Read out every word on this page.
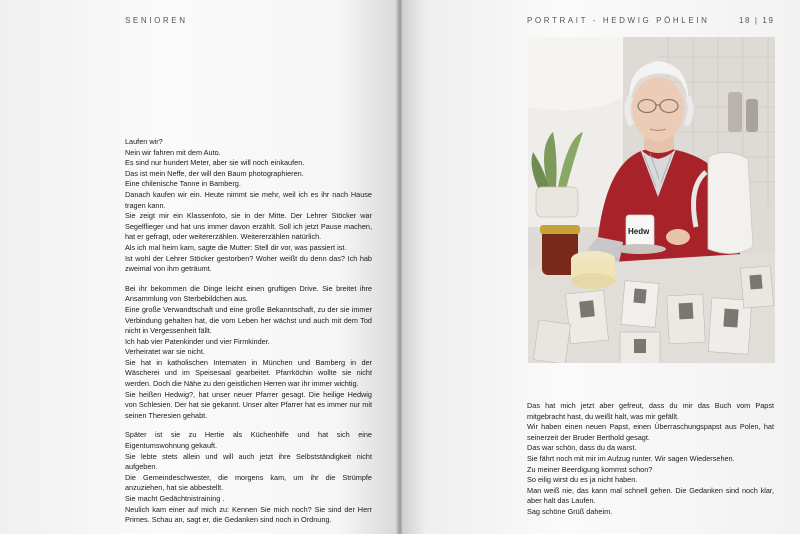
SENIOREN
Laufen wir?
Nein wir fahren mit dem Auto.
Es sind nur hundert Meter, aber sie will noch einkaufen.
Das ist mein Neffe, der will den Baum photographieren.
Eine chilenische Tanne in Bamberg.
Danach kaufen wir ein. Heute nimmt sie mehr, weil ich es ihr nach Hause tragen kann.
Sie zeigt mir ein Klassenfoto, sie in der Mitte. Der Lehrer Stöcker war Segelflieger und hat uns immer davon erzählt. Soll ich jetzt Pause machen, hat er gefragt, oder weitererzählen. Weitererzählen natürlich.
Als ich mal heim kam, sagte die Mutter: Stell dir vor, was passiert ist.
Ist wohl der Lehrer Stöcker gestorben? Woher weißt du denn das? Ich hab zweimal von ihm geträumt.
Bei ihr bekommen die Dinge leicht einen gruftigen Drive. Sie breitet ihre Ansammlung von Sterbebildchen aus.
Eine große Verwandtschaft und eine große Bekanntschaft, zu der sie immer Verbindung gehalten hat, die vom Leben her wächst und auch mit dem Tod nicht in Vergessenheit fällt.
Ich hab vier Patenkinder und vier Firmkinder.
Verheiratet war sie nicht.
Sie hat in katholischen Internaten in München und Bamberg in der Wäscherei und im Speisesaal gearbeitet. Pfarrköchin wollte sie nicht werden. Doch die Nähe zu den geistlichen Herren war ihr immer wichtig.
Sie heißen Hedwig?, hat unser neuer Pfarrer gesagt. Die heilige Hedwig von Schlesien. Der hat sie gekannt. Unser alter Pfarrer hat es immer nur mit seinen Theresien gehabt.
Später ist sie zu Hertie als Küchenhilfe und hat sich eine Eigentumswohnung gekauft.
Sie lebte stets allein und will auch jetzt ihre Selbstständigkeit nicht aufgeben.
Die Gemeindeschwester, die morgens kam, um ihr die Strümpfe anzuziehen, hat sie abbestellt.
Sie macht Gedächtnistraining .
Neulich kam einer auf mich zu: Kennen Sie mich noch? Sie sind der Herr Primes. Schau an, sagt er, die Gedanken sind noch in Ordnung.
PORTRAIT - HEDWIG PÖHLEIN	18 | 19
Hedw
Das hat mich jetzt aber gefreut, dass du mir das Buch vom Papst mitgebracht hast, du weißt halt, was mir gefällt.
Wir haben einen neuen Papst, einen Überraschungspapst aus Polen, hat seinerzeit der Bruder Berthold gesagt.
Das war schön, dass du da warst.
Sie fährt noch mit mir im Aufzug runter. Wir sagen Wiedersehen.
Zu meiner Beerdigung kommst schon?
So eilig wirst du es ja nicht haben.
Man weiß nie, das kann mal schnell gehen. Die Gedanken sind noch klar, aber halt das Laufen.
Sag schöne Grüß daheim.
